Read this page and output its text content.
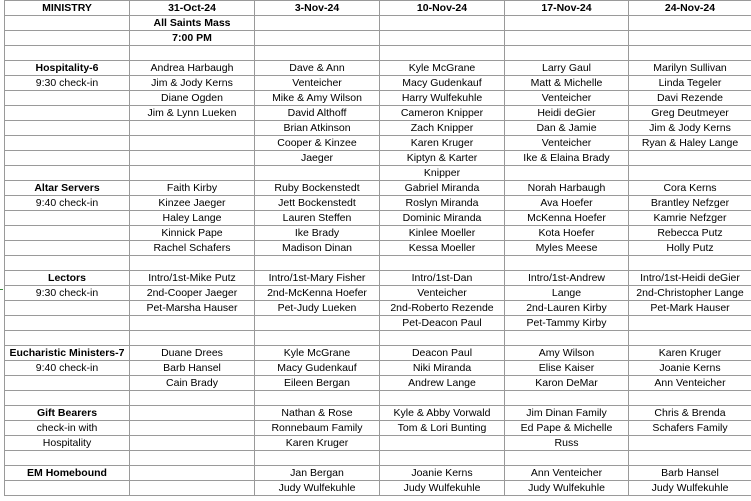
MINISTRY	31-Oct-24	3-Nov-24	10-Nov-24	17-Nov-24	24-Nov-24
	All Saints Mass				
	7:00 PM				

Hospitality-6	Andrea Harbaugh	Dave & Ann	Kyle McGrane	Larry Gaul	Marilyn Sullivan
9:30 check-in	Jim & Jody Kerns	Venteicher	Macy Gudenkauf	Matt & Michelle	Linda Tegeler
	Diane Ogden	Mike & Amy Wilson	Harry Wulfekuhle	Venteicher	Davi Rezende
	Jim & Lynn Lueken	David Althoff	Cameron Knipper	Heidi deGier	Greg Deutmeyer
		Brian Atkinson	Zach Knipper	Dan & Jamie	Jim & Jody Kerns
		Cooper & Kinzee	Karen Kruger	Venteicher	Ryan & Haley Lange
		Jaeger	Kiptyn & Karter	Ike & Elaina Brady	
			Knipper		
Altar Servers	Faith Kirby	Ruby Bockenstedt	Gabriel Miranda	Norah Harbaugh	Cora Kerns
9:40 check-in	Kinzee Jaeger	Jett Bockenstedt	Roslyn Miranda	Ava Hoefer	Brantley Nefzger
	Haley Lange	Lauren Steffen	Dominic Miranda	McKenna Hoefer	Kamrie Nefzger
	Kinnick Pape	Ike Brady	Kinlee Moeller	Kota Hoefer	Rebecca Putz
	Rachel Schafers	Madison Dinan	Kessa Moeller	Myles Meese	Holly Putz

Lectors	Intro/1st-Mike Putz	Intro/1st-Mary Fisher	Intro/1st-Dan	Intro/1st-Andrew	Intro/1st-Heidi deGier
9:30 check-in	2nd-Cooper Jaeger	2nd-McKenna Hoefer	Venteicher	Lange	2nd-Christopher Lange
	Pet-Marsha Hauser	Pet-Judy Lueken	2nd-Roberto Rezende	2nd-Lauren Kirby	Pet-Mark Hauser
			Pet-Deacon Paul	Pet-Tammy Kirby	

Eucharistic Ministers-7	Duane Drees	Kyle McGrane	Deacon Paul	Amy Wilson	Karen Kruger
9:40 check-in	Barb Hansel	Macy Gudenkauf	Niki Miranda	Elise Kaiser	Joanie Kerns
	Cain Brady	Eileen Bergan	Andrew Lange	Karon DeMar	Ann Venteicher

Gift Bearers		Nathan & Rose	Kyle & Abby Vorwald	Jim Dinan Family	Chris & Brenda
check-in with		Ronnebaum Family	Tom & Lori Bunting	Ed Pape & Michelle	Schafers Family
Hospitality		Karen Kruger		Russ	

EM Homebound		Jan Bergan	Joanie Kerns	Ann Venteicher	Barb Hansel
		Judy Wulfekuhle	Judy Wulfekuhle	Judy Wulfekuhle	Judy Wulfekuhle
